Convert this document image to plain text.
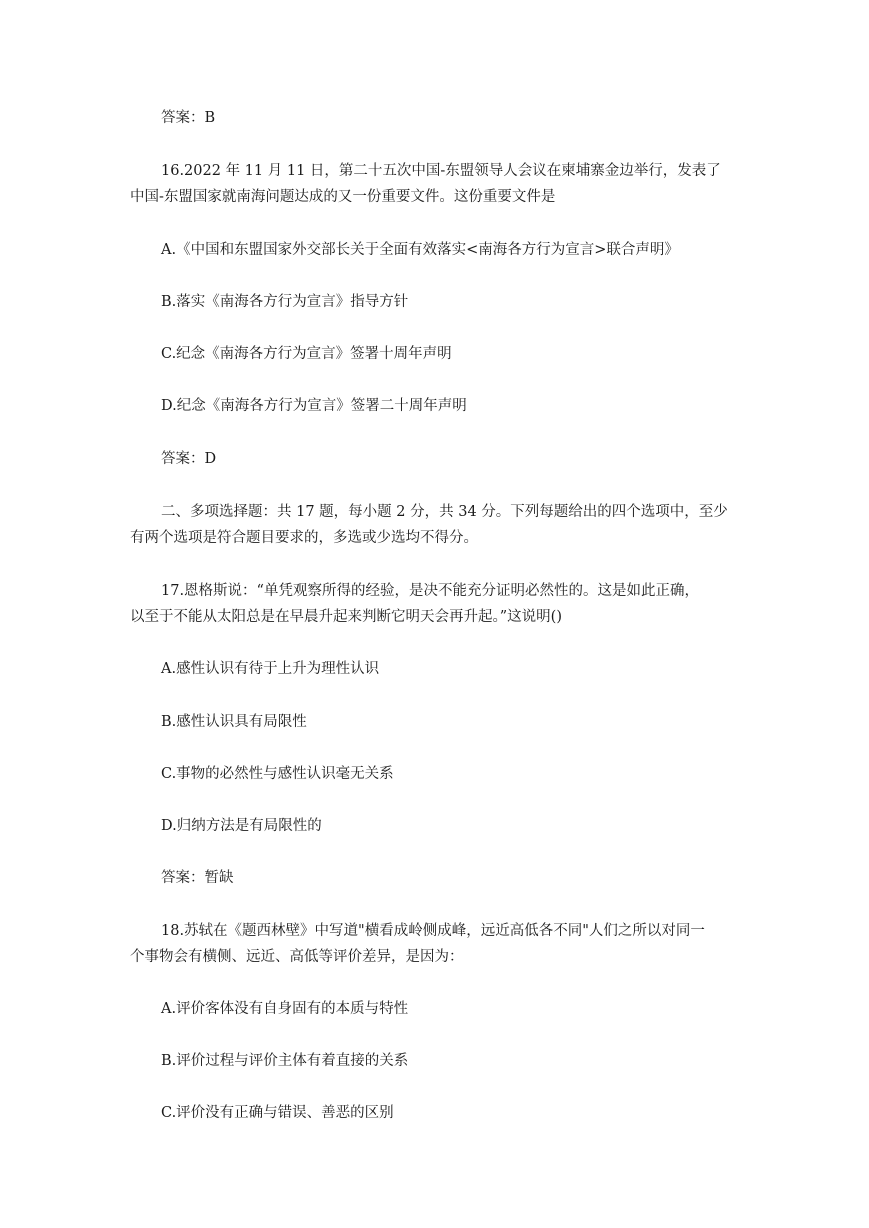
答案：B
16.2022 年 11 月 11 日，第二十五次中国-东盟领导人会议在柬埔寨金边举行，发表了
中国-东盟国家就南海问题达成的又一份重要文件。这份重要文件是
A.《中国和东盟国家外交部长关于全面有效落实<南海各方行为宣言>联合声明》
B.落实《南海各方行为宣言》指导方针
C.纪念《南海各方行为宣言》签署十周年声明
D.纪念《南海各方行为宣言》签署二十周年声明
答案：D
二、多项选择题：共 17 题，每小题 2 分，共 34 分。下列每题给出的四个选项中，至少
有两个选项是符合题目要求的，多选或少选均不得分。
17.恩格斯说：“单凭观察所得的经验，是决不能充分证明必然性的。这是如此正确，
以至于不能从太阳总是在早晨升起来判断它明天会再升起。”这说明()
A.感性认识有待于上升为理性认识
B.感性认识具有局限性
C.事物的必然性与感性认识毫无关系
D.归纳方法是有局限性的
答案：暂缺
18.苏轼在《题西林壁》中写道"横看成岭侧成峰，远近高低各不同"人们之所以对同一
个事物会有横侧、远近、高低等评价差异，是因为：
A.评价客体没有自身固有的本质与特性
B.评价过程与评价主体有着直接的关系
C.评价没有正确与错误、善恶的区别
